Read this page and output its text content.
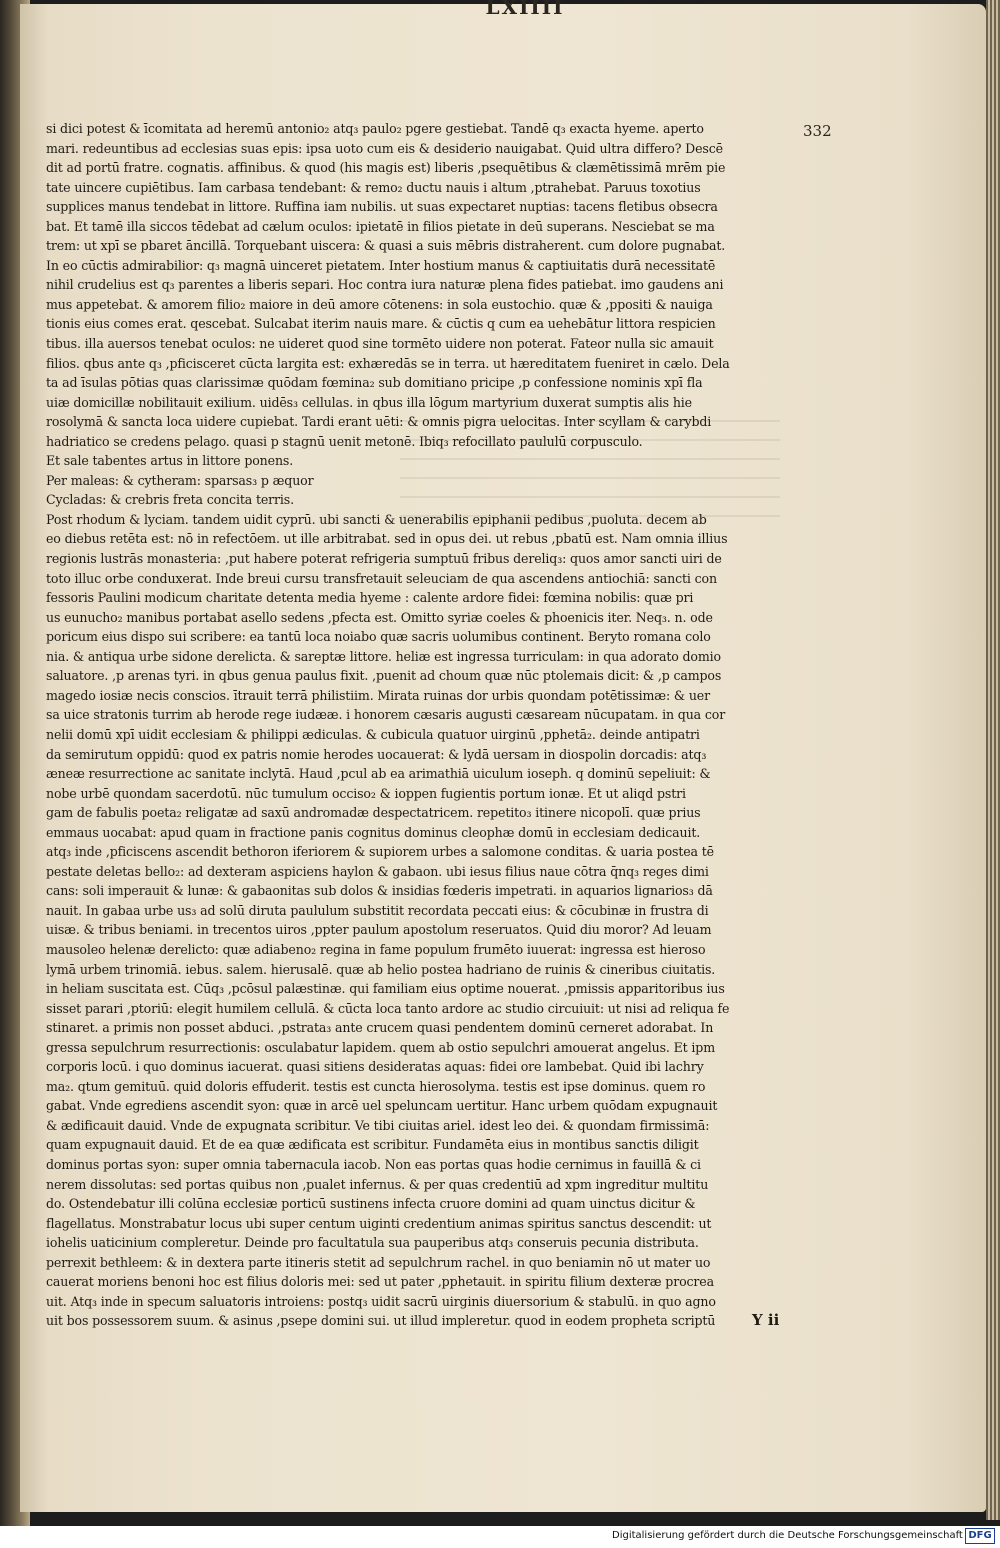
LXIIII
332
si dici potest & īcomitata ad heremū antonio₂ atq₃ paulo₂ pgere gestiebat. Tandē q₃ exacta hyeme. aperto
mari. redeuntibus ad ecclesias suas epis: ipsa uoto cum eis & desiderio nauigabat. Quid ultra differo? Descē
dit ad portū fratre. cognatis. affinibus. & quod (his magis est) liberis ,psequētibus & clæmētissimā mrēm pie
tate uincere cupiētibus. Iam carbasa tendebant: & remo₂ ductu nauis i altum ,ptrahebat. Paruus toxotius
supplices manus tendebat in littore. Ruffina iam nubilis. ut suas expectaret nuptias: tacens fletibus obsecra
bat. Et tamē illa siccos tēdebat ad cælum oculos: ipietatē in filios pietate in deū superans. Nesciebat se ma
trem: ut xpī se pbaret āncillā. Torquebant uiscera: & quasi a suis mēbris distraherent. cum dolore pugnabat.
In eo cūctis admirabilior: q₃ magnā uinceret pietatem. Inter hostium manus & captiuitatis durā necessitatē
nihil crudelius est q₃ parentes a liberis separi. Hoc contra iura naturæ plena fides patiebat. imo gaudens ani
mus appetebat. & amorem filio₂ maiore in deū amore cōtenens: in sola eustochio. quæ & ,ppositi & nauiga
tionis eius comes erat. qescebat. Sulcabat iterim nauis mare. & cūctis q cum ea uehebātur littora respicien
tibus. illa auersos tenebat oculos: ne uideret quod sine tormēto uidere non poterat. Fateor nulla sic amauit
filios. qbus ante q₃ ,pficisceret cūcta largita est: exhæredās se in terra. ut hæreditatem fueniret in cælo. Dela
ta ad īsulas pōtias quas clarissimæ quōdam fœmina₂ sub domitiano pricipe ,p confessione nominis xpī fla
uiæ domicillæ nobilitauit exilium. uidēs₃ cellulas. in qbus illa lōgum martyrium duxerat sumptis alis hie
rosolymā & sancta loca uidere cupiebat. Tardi erant uēti: & omnis pigra uelocitas. Inter scyllam & carybdi
hadriatico se credens pelago. quasi p stagnū uenit metonē. Ibiq₃ refocillato paululū corpusculo.
Et sale tabentes artus in littore ponens.
Per maleas: & cytheram: sparsas₃ p æquor
Cycladas: & crebris freta concita terris.
Post rhodum & lyciam. tandem uidit cyprū. ubi sancti & uenerabilis epiphanii pedibus ,puoluta. decem ab
eo diebus retēta est: nō in refectōem. ut ille arbitrabat. sed in opus dei. ut rebus ,pbatū est. Nam omnia illius
regionis lustrās monasteria: ,put habere poterat refrigeria sumptuū fribus dereliq₃: quos amor sancti uiri de
toto illuc orbe conduxerat. Inde breui cursu transfretauit seleuciam de qua ascendens antiochiā: sancti con
fessoris Paulini modicum charitate detenta media hyeme : calente ardore fidei: fœmina nobilis: quæ pri
us eunucho₂ manibus portabat asello sedens ,pfecta est. Omitto syriæ coeles & phoenicis iter. Neq₃. n. ode
poricum eius dispo sui scribere: ea tantū loca noiabo quæ sacris uolumibus continent. Beryto romana colo
nia. & antiqua urbe sidone derelicta. & sareptæ littore. heliæ est ingressa turriculam: in qua adorato domio
saluatore. ,p arenas tyri. in qbus genua paulus fixit. ,puenit ad choum quæ nūc ptolemais dicit: & ,p campos
magedo iosiæ necis conscios. ītrauit terrā philistiim. Mirata ruinas dor urbis quondam potētissimæ: & uer
sa uice stratonis turrim ab herode rege iudææ. i honorem cæsaris augusti cæsaream nūcupatam. in qua cor
nelii domū xpī uidit ecclesiam & philippi ædiculas. & cubicula quatuor uirginū ,pphetā₂. deinde antipatri
da semirutum oppidū: quod ex patris nomie herodes uocauerat: & lydā uersam in diospolin dorcadis: atq₃
æneæ resurrectione ac sanitate inclytā. Haud ,pcul ab ea arimathiā uiculum ioseph. q dominū sepeliuit: &
nobe urbē quondam sacerdotū. nūc tumulum occiso₂ & ioppen fugientis portum ionæ. Et ut aliqd pstri
gam de fabulis poeta₂ religatæ ad saxū andromadæ despectatricem. repetito₃ itinere nicopolī. quæ prius
emmaus uocabat: apud quam in fractione panis cognitus dominus cleophæ domū in ecclesiam dedicauit.
atq₃ inde ,pficiscens ascendit bethoron iferiorem & supiorem urbes a salomone conditas. & uaria postea tē
pestate deletas bello₂: ad dexteram aspiciens haylon & gabaon. ubi iesus filius naue cōtra q̄nq₃ reges dimi
cans: soli imperauit & lunæ: & gabaonitas sub dolos & insidias fœderis impetrati. in aquarios lignarios₃ dā
nauit. In gabaa urbe us₃ ad solū diruta paululum substitit recordata peccati eius: & cōcubinæ in frustra di
uisæ. & tribus beniami. in trecentos uiros ,ppter paulum apostolum reseruatos. Quid diu moror? Ad leuam
mausoleo helenæ derelicto: quæ adiabeno₂ regina in fame populum frumēto iuuerat: ingressa est hieroso
lymā urbem trinomiā. iebus. salem. hierusalē. quæ ab helio postea hadriano de ruinis & cineribus ciuitatis.
in heliam suscitata est. Cūq₃ ,pcōsul palæstinæ. qui familiam eius optime nouerat. ,pmissis apparitoribus ius
sisset parari ,ptoriū: elegit humilem cellulā. & cūcta loca tanto ardore ac studio circuiuit: ut nisi ad reliqua fe
stinaret. a primis non posset abduci. ,pstrata₃ ante crucem quasi pendentem dominū cerneret adorabat. In
gressa sepulchrum resurrectionis: osculabatur lapidem. quem ab ostio sepulchri amouerat angelus. Et ipm
corporis locū. i quo dominus iacuerat. quasi sitiens desideratas aquas: fidei ore lambebat. Quid ibi lachry
ma₂. qtum gemituū. quid doloris effuderit. testis est cuncta hierosolyma. testis est ipse dominus. quem ro
gabat. Vnde egrediens ascendit syon: quæ in arcē uel speluncam uertitur. Hanc urbem quōdam expugnauit
& ædificauit dauid. Vnde de expugnata scribitur. Ve tibi ciuitas ariel. idest leo dei. & quondam firmissimā:
quam expugnauit dauid. Et de ea quæ ædificata est scribitur. Fundamēta eius in montibus sanctis diligit
dominus portas syon: super omnia tabernacula iacob. Non eas portas quas hodie cernimus in fauillā & ci
nerem dissolutas: sed portas quibus non ,pualet infernus. & per quas credentiū ad xpm ingreditur multitu
do. Ostendebatur illi colūna ecclesiæ porticū sustinens infecta cruore domini ad quam uinctus dicitur &
flagellatus. Monstrabatur locus ubi super centum uiginti credentium animas spiritus sanctus descendit: ut
iohelis uaticinium compleretur. Deinde pro facultatula sua pauperibus atq₃ conseruis pecunia distributa.
perrexit bethleem: & in dextera parte itineris stetit ad sepulchrum rachel. in quo beniamin nō ut mater uo
cauerat moriens benoni hoc est filius doloris mei: sed ut pater ,pphetauit. in spiritu filium dexteræ procrea
uit. Atq₃ inde in specum saluatoris introiens: postq₃ uidit sacrū uirginis diuersorium & stabulū. in quo agno
uit bos possessorem suum. & asinus ,psepe domini sui. ut illud impleretur. quod in eodem propheta scriptū	Y ii
Digitalisierung gefördert durch die Deutsche Forschungsgemeinschaft DFG
